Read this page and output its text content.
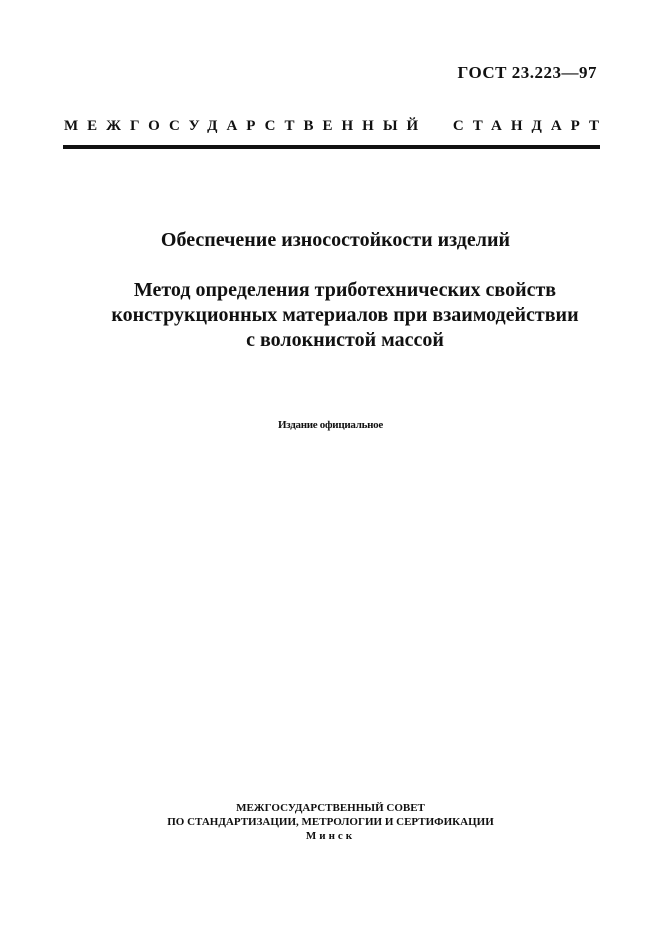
ГОСТ 23.223—97
МЕЖГОСУДАРСТВЕННЫЙ СТАНДАРТ
Обеспечение износостойкости изделий
Метод определения триботехнических свойств
конструкционных материалов при взаимодействии
с волокнистой массой
Издание официальное
МЕЖГОСУДАРСТВЕННЫЙ СОВЕТ
ПО СТАНДАРТИЗАЦИИ, МЕТРОЛОГИИ И СЕРТИФИКАЦИИ
Минск
